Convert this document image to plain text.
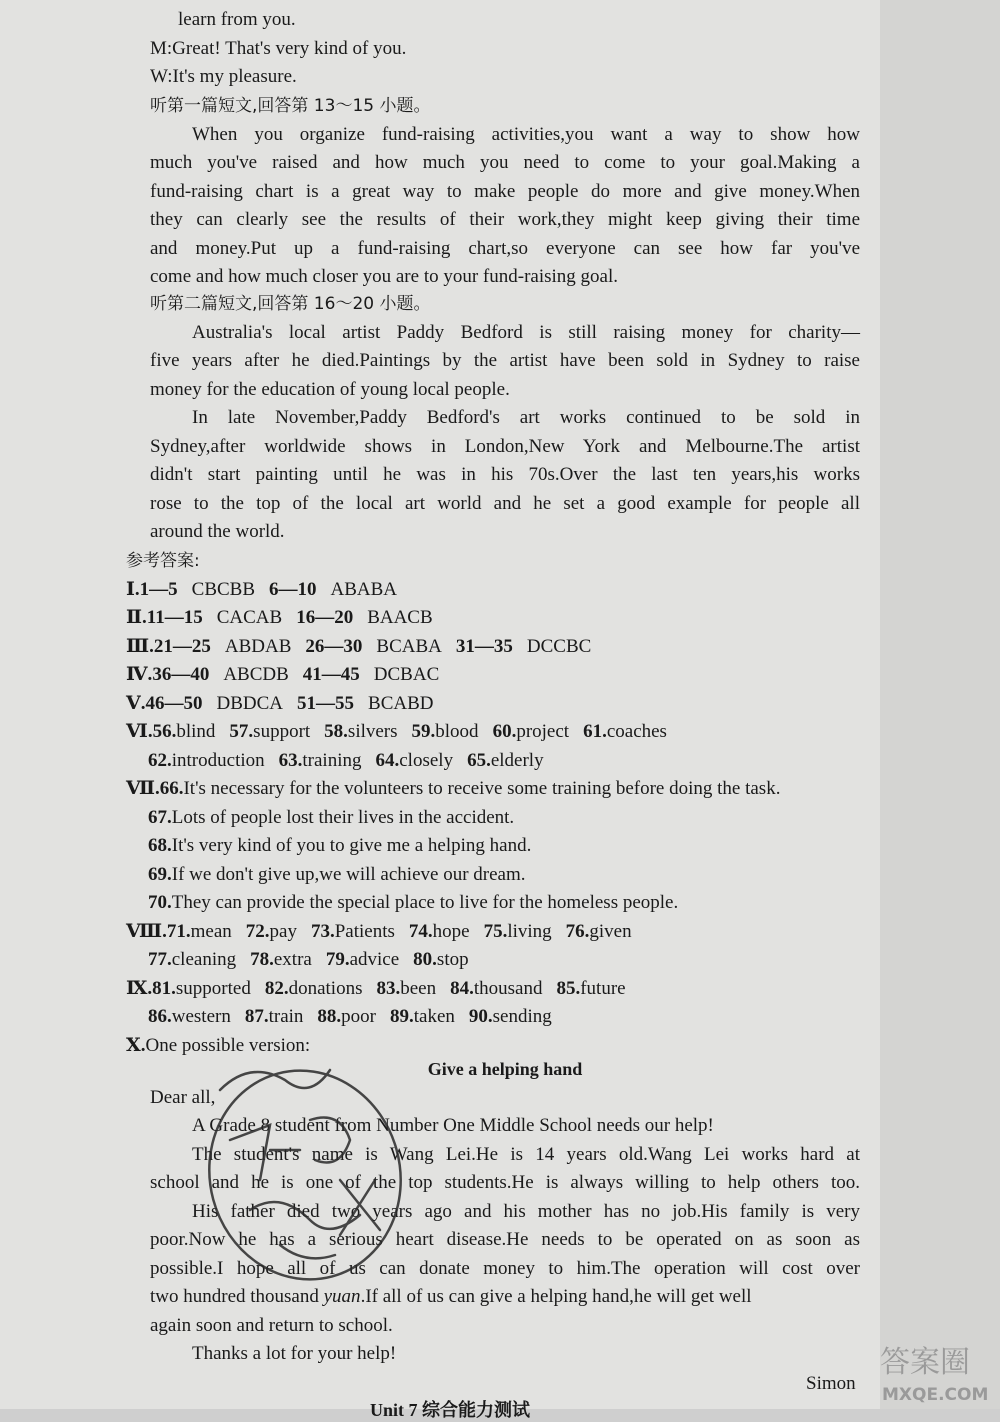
learn from you.
M:Great! That's very kind of you.
W:It's my pleasure.
听第一篇短文,回答第 13～15 小题。
When you organize fund-raising activities,you want a way to show how
much you've raised and how much you need to come to your goal.Making a
fund-raising chart is a great way to make people do more and give money.When
they can clearly see the results of their work,they might keep giving their time
and money.Put up a fund-raising chart,so everyone can see how far you've
come and how much closer you are to your fund-raising goal.
听第二篇短文,回答第 16～20 小题。
Australia's local artist Paddy Bedford is still raising money for charity—
five years after he died.Paintings by the artist have been sold in Sydney to raise
money for the education of young local people.
In late November,Paddy Bedford's art works continued to be sold in
Sydney,after worldwide shows in London,New York and Melbourne.The artist
didn't start painting until he was in his 70s.Over the last ten years,his works
rose to the top of the local art world and he set a good example for people all
around the world.
参考答案:
Ⅰ.1—5 CBCBB 6—10 ABABA
Ⅱ.11—15 CACAB 16—20 BAACB
Ⅲ.21—25 ABDAB 26—30 BCABA 31—35 DCCBC
Ⅳ.36—40 ABCDB 41—45 DCBAC
Ⅴ.46—50 DBDCA 51—55 BCABD
Ⅵ.56.blind 57.support 58.silvers 59.blood 60.project 61.coaches
62.introduction 63.training 64.closely 65.elderly
Ⅶ.66.It's necessary for the volunteers to receive some training before doing the task.
67.Lots of people lost their lives in the accident.
68.It's very kind of you to give me a helping hand.
69.If we don't give up,we will achieve our dream.
70.They can provide the special place to live for the homeless people.
Ⅷ.71.mean 72.pay 73.Patients 74.hope 75.living 76.given
77.cleaning 78.extra 79.advice 80.stop
Ⅸ.81.supported 82.donations 83.been 84.thousand 85.future
86.western 87.train 88.poor 89.taken 90.sending
Ⅹ.One possible version:
Give a helping hand
Dear all,
A Grade 8 student from Number One Middle School needs our help!
The student's name is Wang Lei.He is 14 years old.Wang Lei works hard at
school and he is one of the top students.He is always willing to help others too.
His father died two years ago and his mother has no job.His family is very
poor.Now he has a serious heart disease.He needs to be operated on as soon as
possible.I hope all of us can donate money to him.The operation will cost over
two hundred thousand yuan.If all of us can give a helping hand,he will get well
again soon and return to school.
Thanks a lot for your help!
Simon
Unit 7 综合能力测试
答案圈
MXQE.COM
